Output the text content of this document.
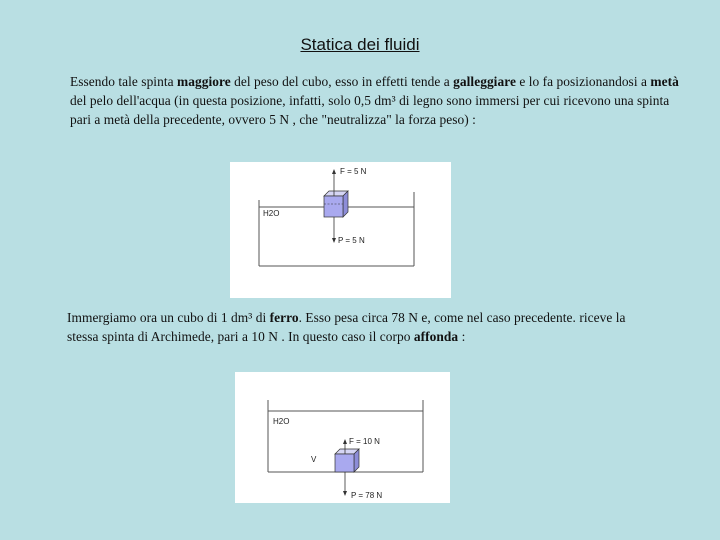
Statica dei fluidi
Essendo tale spinta maggiore del peso del cubo, esso in effetti tende a galleggiare e lo fa posizionandosi a metà del pelo dell'acqua (in questa posizione, infatti, solo 0,5 dm³ di legno sono immersi per cui ricevono una spinta pari a metà della precedente, ovvero 5 N , che "neutralizza" la forza peso) :
F = 5 N
H2O
P = 5 N
Immergiamo ora un cubo di 1 dm³ di ferro. Esso pesa circa 78 N e, come nel caso precedente. riceve la stessa spinta di Archimede, pari a 10 N . In questo caso il corpo affonda :
H2O
F = 10 N
V
P = 78 N
